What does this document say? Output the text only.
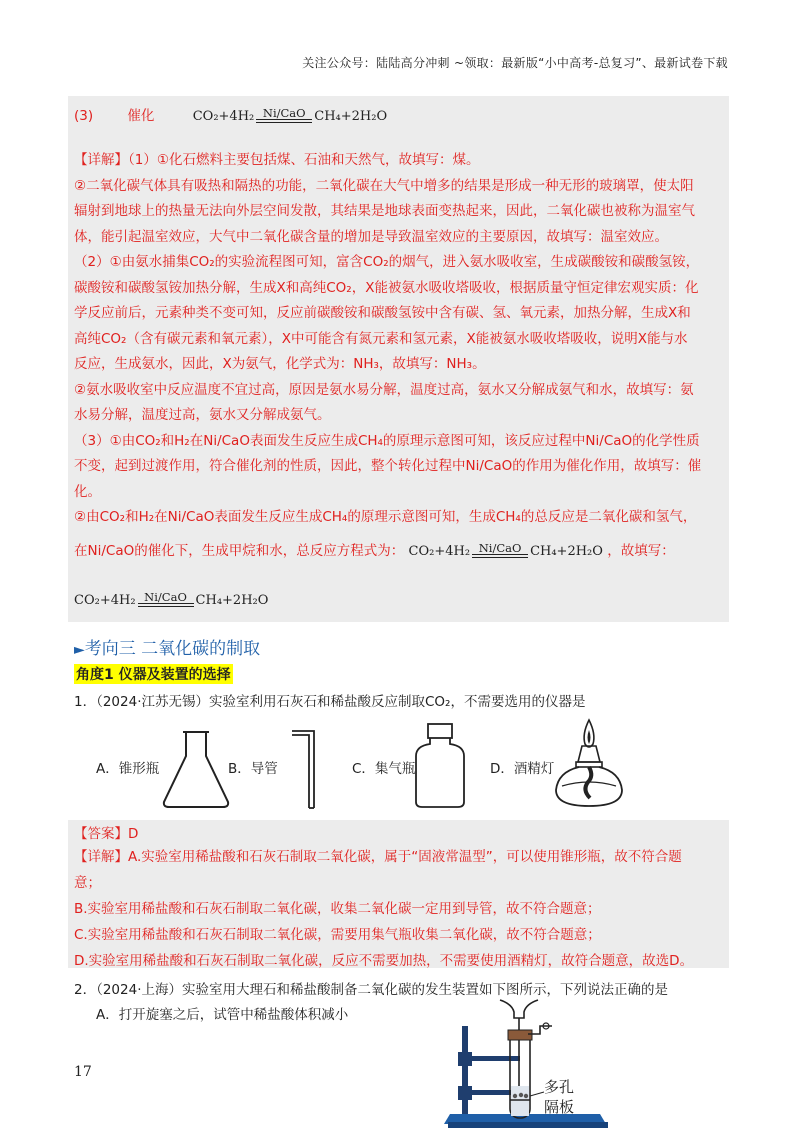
关注公众号：陆陆高分冲刺 ~领取：最新版“小中高考-总复习”、最新试卷下载
(3)	催化	CO₂+4H₂ Ni/CaO CH₄+2H₂O
【详解】（1）①化石燃料主要包括煤、石油和天然气，故填写：煤。
②二氧化碳气体具有吸热和隔热的功能，二氧化碳在大气中增多的结果是形成一种无形的玻璃罩，使太阳
辐射到地球上的热量无法向外层空间发散，其结果是地球表面变热起来，因此，二氧化碳也被称为温室气
体，能引起温室效应，大气中二氧化碳含量的增加是导致温室效应的主要原因，故填写：温室效应。
（2）①由氨水捕集CO₂的实验流程图可知，富含CO₂的烟气，进入氨水吸收室，生成碳酸铵和碳酸氢铵，
碳酸铵和碳酸氢铵加热分解，生成X和高纯CO₂，X能被氨水吸收塔吸收，根据质量守恒定律宏观实质：化
学反应前后，元素种类不变可知，反应前碳酸铵和碳酸氢铵中含有碳、氢、氧元素，加热分解，生成X和
高纯CO₂（含有碳元素和氧元素），X中可能含有氮元素和氢元素，X能被氨水吸收塔吸收，说明X能与水
反应，生成氨水，因此，X为氨气，化学式为：NH₃，故填写：NH₃。
②氨水吸收室中反应温度不宜过高，原因是氨水易分解，温度过高，氨水又分解成氨气和水，故填写：氨
水易分解，温度过高，氨水又分解成氨气。
（3）①由CO₂和H₂在Ni/CaO表面发生反应生成CH₄的原理示意图可知，该反应过程中Ni/CaO的化学性质
不变，起到过渡作用，符合催化剂的性质，因此，整个转化过程中Ni/CaO的作用为催化作用，故填写：催
化。
②由CO₂和H₂在Ni/CaO表面发生反应生成CH₄的原理示意图可知，生成CH₄的总反应是二氧化碳和氢气，
在Ni/CaO的催化下，生成甲烷和水，总反应方程式为： CO₂+4H₂ Ni/CaO CH₄+2H₂O ，故填写：
CO₂+4H₂ Ni/CaO CH₄+2H₂O
►考向三 二氧化碳的制取
角度1 仪器及装置的选择
1．（2024·江苏无锡）实验室利用石灰石和稀盐酸反应制取CO₂，不需要选用的仪器是
A．锥形瓶	B．导管	C．集气瓶	D．酒精灯
【答案】D
【详解】A.实验室用稀盐酸和石灰石制取二氧化碳，属于“固液常温型”，可以使用锥形瓶，故不符合题
意；
B.实验室用稀盐酸和石灰石制取二氧化碳，收集二氧化碳一定用到导管，故不符合题意；
C.实验室用稀盐酸和石灰石制取二氧化碳，需要用集气瓶收集二氧化碳，故不符合题意；
D.实验室用稀盐酸和石灰石制取二氧化碳，反应不需要加热，不需要使用酒精灯，故符合题意，故选D。
2．（2024·上海）实验室用大理石和稀盐酸制备二氧化碳的发生装置如下图所示，下列说法正确的是
A．打开旋塞之后，试管中稀盐酸体积减小
多孔
隔板
17
